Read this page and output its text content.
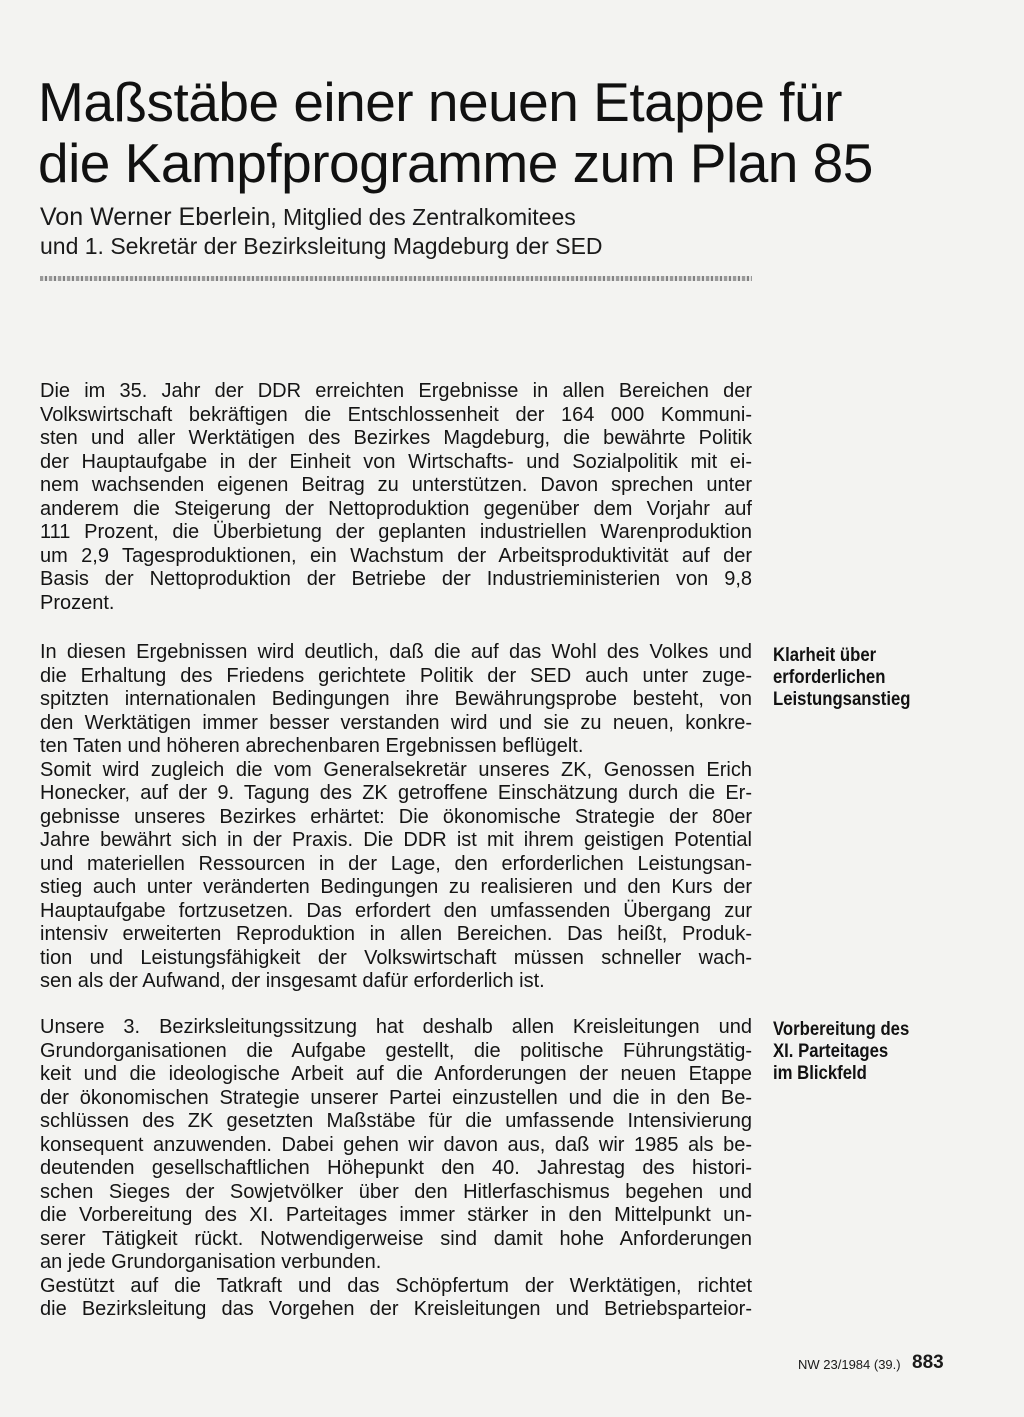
Maßstäbe einer neuen Etappe für
die Kampfprogramme zum Plan 85
Von Werner Eberlein, Mitglied des Zentralkomitees
und 1. Sekretär der Bezirksleitung Magdeburg der SED
Die im 35. Jahr der DDR erreichten Ergebnisse in allen Bereichen der
Volkswirtschaft bekräftigen die Entschlossenheit der 164 000 Kommuni-
sten und aller Werktätigen des Bezirkes Magdeburg, die bewährte Politik
der Hauptaufgabe in der Einheit von Wirtschafts- und Sozialpolitik mit ei-
nem wachsenden eigenen Beitrag zu unterstützen. Davon sprechen unter
anderem die Steigerung der Nettoproduktion gegenüber dem Vorjahr auf
111 Prozent, die Überbietung der geplanten industriellen Warenproduktion
um 2,9 Tagesproduktionen, ein Wachstum der Arbeitsproduktivität auf der
Basis der Nettoproduktion der Betriebe der Industrieministerien von 9,8
Prozent.
In diesen Ergebnissen wird deutlich, daß die auf das Wohl des Volkes und
die Erhaltung des Friedens gerichtete Politik der SED auch unter zuge-
spitzten internationalen Bedingungen ihre Bewährungsprobe besteht, von
den Werktätigen immer besser verstanden wird und sie zu neuen, konkre-
ten Taten und höheren abrechenbaren Ergebnissen beflügelt.
Somit wird zugleich die vom Generalsekretär unseres ZK, Genossen Erich
Honecker, auf der 9. Tagung des ZK getroffene Einschätzung durch die Er-
gebnisse unseres Bezirkes erhärtet: Die ökonomische Strategie der 80er
Jahre bewährt sich in der Praxis. Die DDR ist mit ihrem geistigen Potential
und materiellen Ressourcen in der Lage, den erforderlichen Leistungsan-
stieg auch unter veränderten Bedingungen zu realisieren und den Kurs der
Hauptaufgabe fortzusetzen. Das erfordert den umfassenden Übergang zur
intensiv erweiterten Reproduktion in allen Bereichen. Das heißt, Produk-
tion und Leistungsfähigkeit der Volkswirtschaft müssen schneller wach-
sen als der Aufwand, der insgesamt dafür erforderlich ist.
Unsere 3. Bezirksleitungssitzung hat deshalb allen Kreisleitungen und
Grundorganisationen die Aufgabe gestellt, die politische Führungstätig-
keit und die ideologische Arbeit auf die Anforderungen der neuen Etappe
der ökonomischen Strategie unserer Partei einzustellen und die in den Be-
schlüssen des ZK gesetzten Maßstäbe für die umfassende Intensivierung
konsequent anzuwenden. Dabei gehen wir davon aus, daß wir 1985 als be-
deutenden gesellschaftlichen Höhepunkt den 40. Jahrestag des histori-
schen Sieges der Sowjetvölker über den Hitlerfaschismus begehen und
die Vorbereitung des XI. Parteitages immer stärker in den Mittelpunkt un-
serer Tätigkeit rückt. Notwendigerweise sind damit hohe Anforderungen
an jede Grundorganisation verbunden.
Gestützt auf die Tatkraft und das Schöpfertum der Werktätigen, richtet
die Bezirksleitung das Vorgehen der Kreisleitungen und Betriebsparteior-
Klarheit über
erforderlichen
Leistungsanstieg
Vorbereitung des
XI. Parteitages
im Blickfeld
NW 23/1984 (39.) 883
